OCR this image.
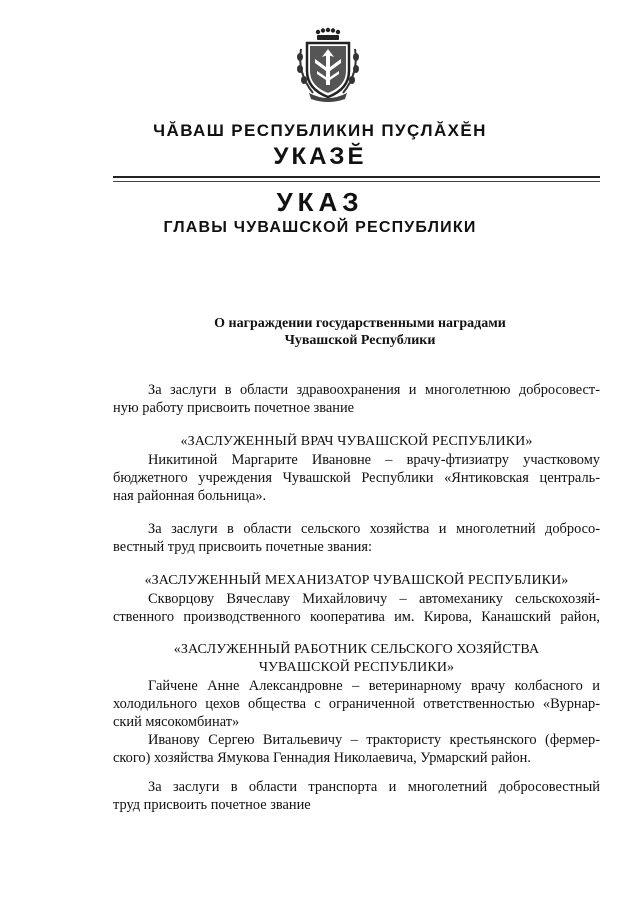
ЧĂВАШ РЕСПУБЛИКИН ПУÇЛĂХĔН
УКАЗĔ
УКАЗ
ГЛАВЫ ЧУВАШСКОЙ РЕСПУБЛИКИ
О награждении государственными наградами
Чувашской Республики
За заслуги в области здравоохранения и многолетнюю добросовест-
ную работу присвоить почетное звание
«ЗАСЛУЖЕННЫЙ ВРАЧ ЧУВАШСКОЙ РЕСПУБЛИКИ»
Никитиной Маргарите Ивановне – врачу-фтизиатру участковому
бюджетного учреждения Чувашской Республики «Янтиковская централь-
ная районная больница».
За заслуги в области сельского хозяйства и многолетний добросо-
вестный труд присвоить почетные звания:
«ЗАСЛУЖЕННЫЙ МЕХАНИЗАТОР ЧУВАШСКОЙ РЕСПУБЛИКИ»
Скворцову Вячеславу Михайловичу – автомеханику сельскохозяй-
ственного производственного кооператива им. Кирова, Канашский район,
«ЗАСЛУЖЕННЫЙ РАБОТНИК СЕЛЬСКОГО ХОЗЯЙСТВА
ЧУВАШСКОЙ РЕСПУБЛИКИ»
Гайчене Анне Александровне – ветеринарному врачу колбасного и
холодильного цехов общества с ограниченной ответственностью «Вурнар-
ский мясокомбинат»
Иванову Сергею Витальевичу – трактористу крестьянского (фермер-
ского) хозяйства Ямукова Геннадия Николаевича, Урмарский район.
За заслуги в области транспорта и многолетний добросовестный
труд присвоить почетное звание
